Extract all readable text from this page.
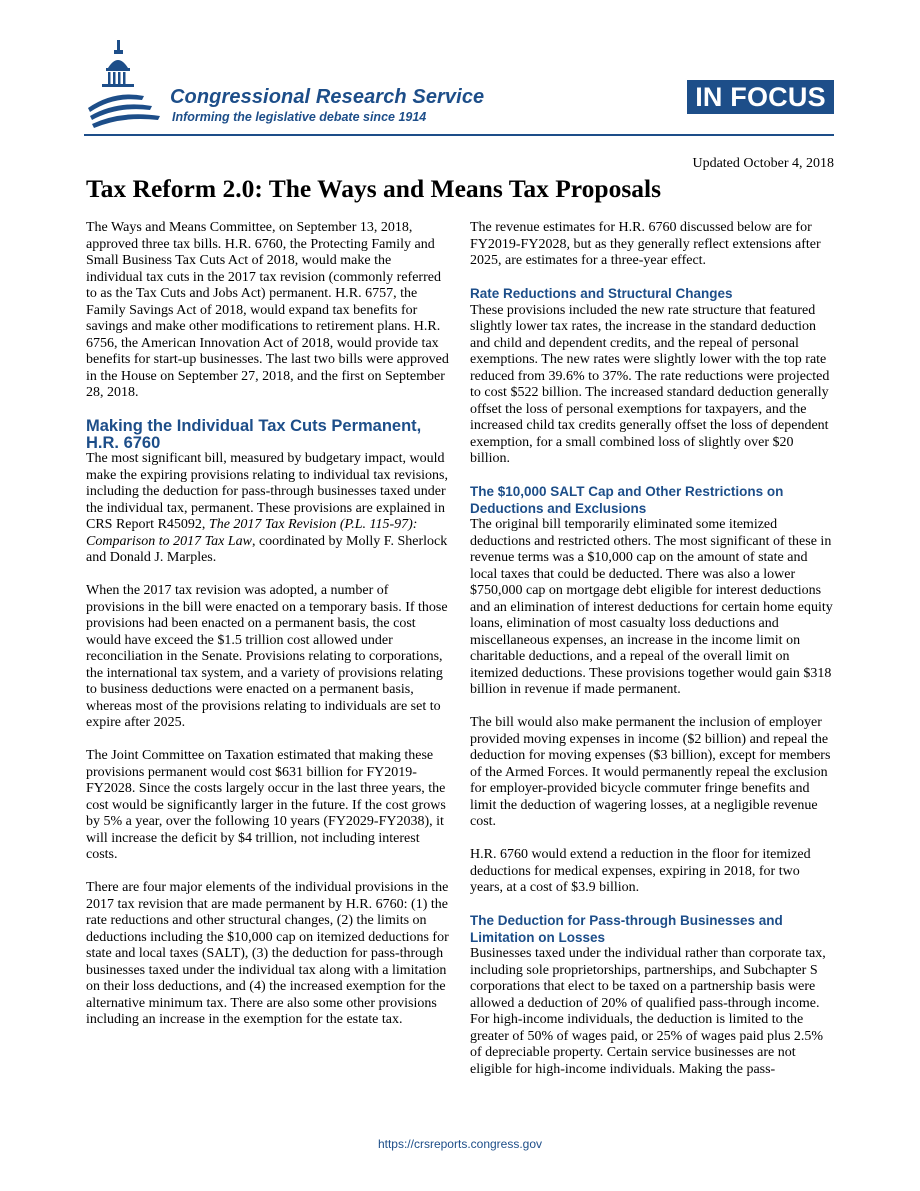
Congressional Research Service
Informing the legislative debate since 1914
IN FOCUS
Updated October 4, 2018
Tax Reform 2.0: The Ways and Means Tax Proposals

The Ways and Means Committee, on September 13, 2018, approved three tax bills. H.R. 6760, the Protecting Family and Small Business Tax Cuts Act of 2018, would make the individual tax cuts in the 2017 tax revision (commonly referred to as the Tax Cuts and Jobs Act) permanent. H.R. 6757, the Family Savings Act of 2018, would expand tax benefits for savings and make other modifications to retirement plans. H.R. 6756, the American Innovation Act of 2018, would provide tax benefits for start-up businesses. The last two bills were approved in the House on September 27, 2018, and the first on September 28, 2018.

Making the Individual Tax Cuts Permanent, H.R. 6760

The most significant bill, measured by budgetary impact, would make the expiring provisions relating to individual tax revisions, including the deduction for pass-through businesses taxed under the individual tax, permanent. These provisions are explained in CRS Report R45092, The 2017 Tax Revision (P.L. 115-97): Comparison to 2017 Tax Law, coordinated by Molly F. Sherlock and Donald J. Marples.

When the 2017 tax revision was adopted, a number of provisions in the bill were enacted on a temporary basis. If those provisions had been enacted on a permanent basis, the cost would have exceed the $1.5 trillion cost allowed under reconciliation in the Senate. Provisions relating to corporations, the international tax system, and a variety of provisions relating to business deductions were enacted on a permanent basis, whereas most of the provisions relating to individuals are set to expire after 2025.

The Joint Committee on Taxation estimated that making these provisions permanent would cost $631 billion for FY2019-FY2028. Since the costs largely occur in the last three years, the cost would be significantly larger in the future. If the cost grows by 5% a year, over the following 10 years (FY2029-FY2038), it will increase the deficit by $4 trillion, not including interest costs.

There are four major elements of the individual provisions in the 2017 tax revision that are made permanent by H.R. 6760: (1) the rate reductions and other structural changes, (2) the limits on deductions including the $10,000 cap on itemized deductions for state and local taxes (SALT), (3) the deduction for pass-through businesses taxed under the individual tax along with a limitation on their loss deductions, and (4) the increased exemption for the alternative minimum tax. There are also some other provisions including an increase in the exemption for the estate tax.

The revenue estimates for H.R. 6760 discussed below are for FY2019-FY2028, but as they generally reflect extensions after 2025, are estimates for a three-year effect.

Rate Reductions and Structural Changes

These provisions included the new rate structure that featured slightly lower tax rates, the increase in the standard deduction and child and dependent credits, and the repeal of personal exemptions. The new rates were slightly lower with the top rate reduced from 39.6% to 37%. The rate reductions were projected to cost $522 billion. The increased standard deduction generally offset the loss of personal exemptions for taxpayers, and the increased child tax credits generally offset the loss of dependent exemption, for a small combined loss of slightly over $20 billion.

The $10,000 SALT Cap and Other Restrictions on Deductions and Exclusions

The original bill temporarily eliminated some itemized deductions and restricted others. The most significant of these in revenue terms was a $10,000 cap on the amount of state and local taxes that could be deducted. There was also a lower $750,000 cap on mortgage debt eligible for interest deductions and an elimination of interest deductions for certain home equity loans, elimination of most casualty loss deductions and miscellaneous expenses, an increase in the income limit on charitable deductions, and a repeal of the overall limit on itemized deductions. These provisions together would gain $318 billion in revenue if made permanent.

The bill would also make permanent the inclusion of employer provided moving expenses in income ($2 billion) and repeal the deduction for moving expenses ($3 billion), except for members of the Armed Forces. It would permanently repeal the exclusion for employer-provided bicycle commuter fringe benefits and limit the deduction of wagering losses, at a negligible revenue cost.

H.R. 6760 would extend a reduction in the floor for itemized deductions for medical expenses, expiring in 2018, for two years, at a cost of $3.9 billion.

The Deduction for Pass-through Businesses and Limitation on Losses

Businesses taxed under the individual rather than corporate tax, including sole proprietorships, partnerships, and Subchapter S corporations that elect to be taxed on a partnership basis were allowed a deduction of 20% of qualified pass-through income. For high-income individuals, the deduction is limited to the greater of 50% of wages paid, or 25% of wages paid plus 2.5% of depreciable property. Certain service businesses are not eligible for high-income individuals. Making the pass-

https://crsreports.congress.gov
